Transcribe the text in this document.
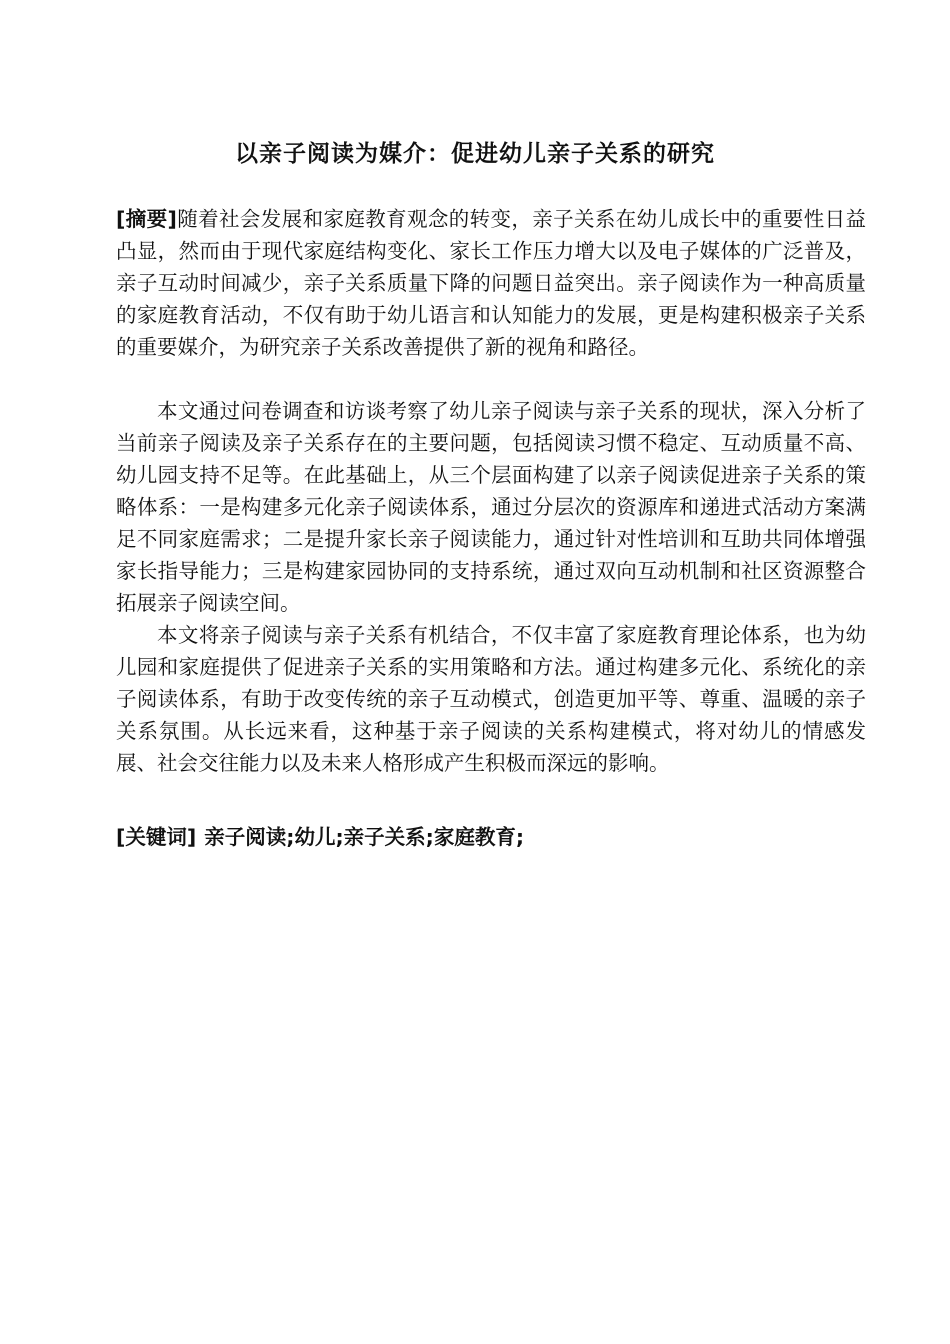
以亲子阅读为媒介：促进幼儿亲子关系的研究
[摘要]随着社会发展和家庭教育观念的转变，亲子关系在幼儿成长中的重要性日益凸显，然而由于现代家庭结构变化、家长工作压力增大以及电子媒体的广泛普及，亲子互动时间减少，亲子关系质量下降的问题日益突出。亲子阅读作为一种高质量的家庭教育活动，不仅有助于幼儿语言和认知能力的发展，更是构建积极亲子关系的重要媒介，为研究亲子关系改善提供了新的视角和路径。
本文通过问卷调查和访谈考察了幼儿亲子阅读与亲子关系的现状，深入分析了当前亲子阅读及亲子关系存在的主要问题，包括阅读习惯不稳定、互动质量不高、幼儿园支持不足等。在此基础上，从三个层面构建了以亲子阅读促进亲子关系的策略体系：一是构建多元化亲子阅读体系，通过分层次的资源库和递进式活动方案满足不同家庭需求；二是提升家长亲子阅读能力，通过针对性培训和互助共同体增强家长指导能力；三是构建家园协同的支持系统，通过双向互动机制和社区资源整合拓展亲子阅读空间。
本文将亲子阅读与亲子关系有机结合，不仅丰富了家庭教育理论体系，也为幼儿园和家庭提供了促进亲子关系的实用策略和方法。通过构建多元化、系统化的亲子阅读体系，有助于改变传统的亲子互动模式，创造更加平等、尊重、温暖的亲子关系氛围。从长远来看，这种基于亲子阅读的关系构建模式，将对幼儿的情感发展、社会交往能力以及未来人格形成产生积极而深远的影响。
[关键词] 亲子阅读;幼儿;亲子关系;家庭教育;
